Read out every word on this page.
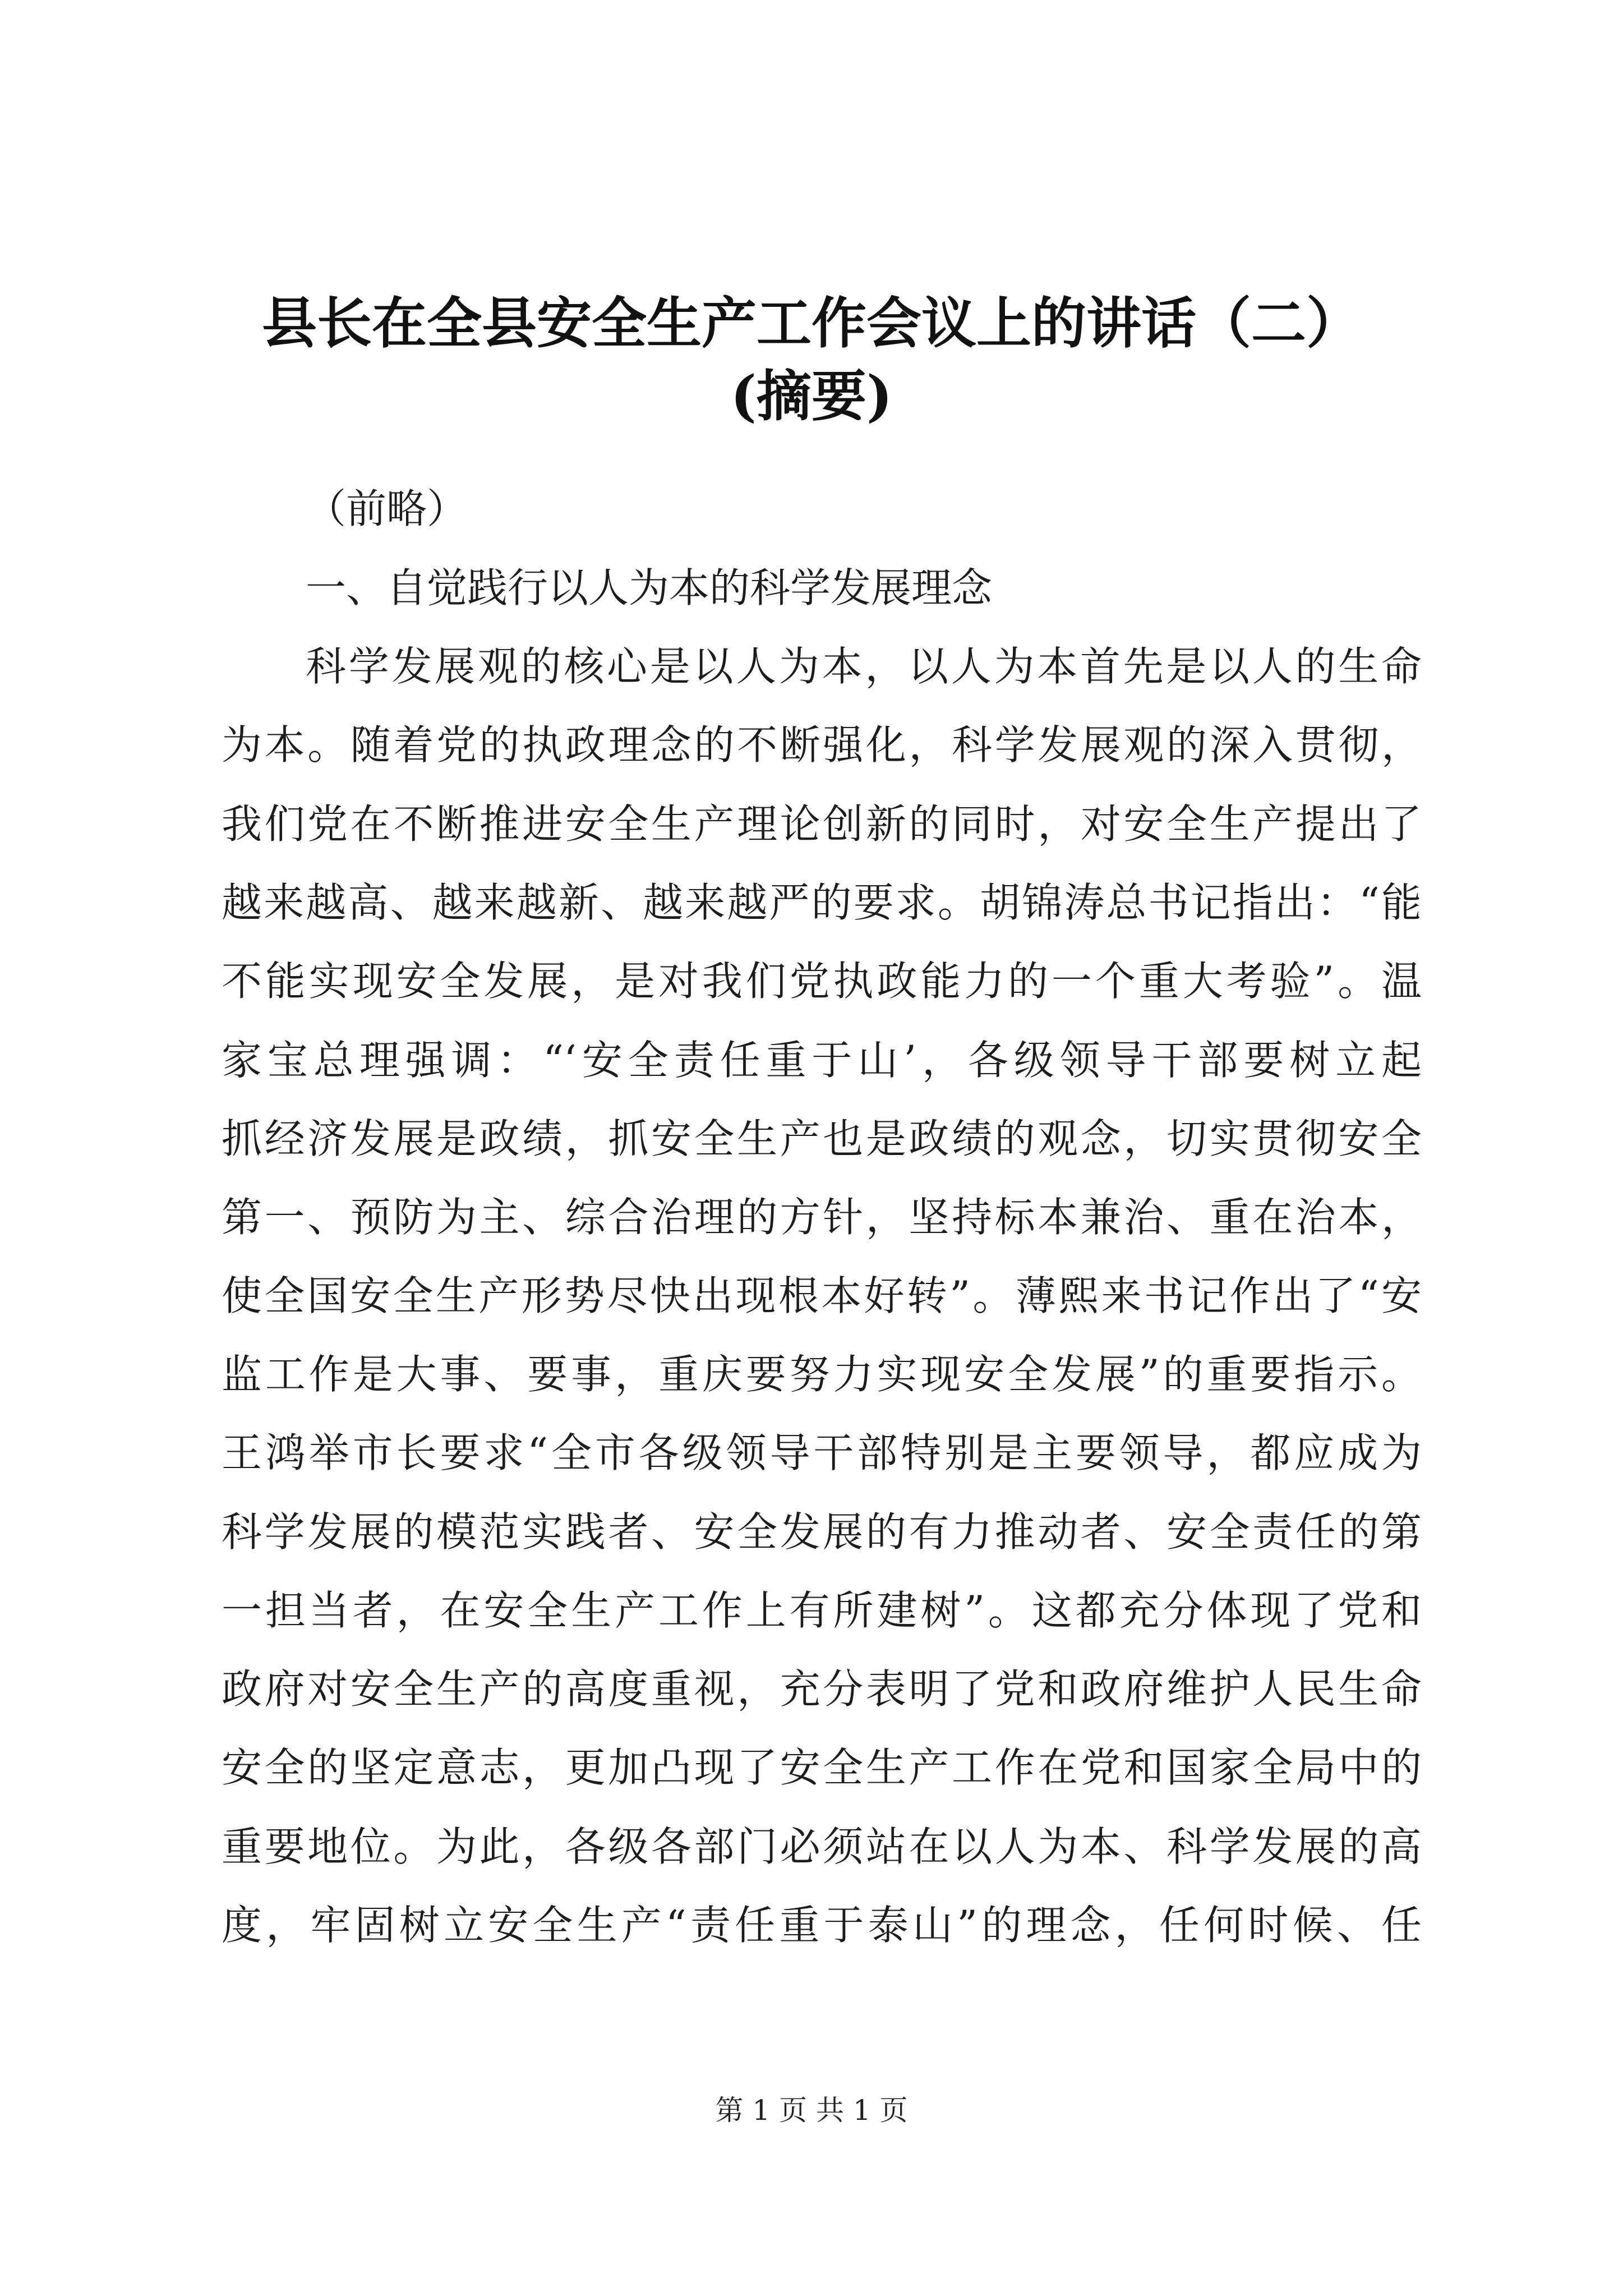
县长在全县安全生产工作会议上的讲话（二）
(摘要)
（前略）
一、自觉践行以人为本的科学发展理念
科学发展观的核心是以人为本，以人为本首先是以人的生命
为本。随着党的执政理念的不断强化，科学发展观的深入贯彻，
我们党在不断推进安全生产理论创新的同时，对安全生产提出了
越来越高、越来越新、越来越严的要求。胡锦涛总书记指出：“能
不能实现安全发展，是对我们党执政能力的一个重大考验”。温
家宝总理强调：“‘安全责任重于山’，各级领导干部要树立起
抓经济发展是政绩，抓安全生产也是政绩的观念，切实贯彻安全
第一、预防为主、综合治理的方针，坚持标本兼治、重在治本，
使全国安全生产形势尽快出现根本好转”。薄熙来书记作出了“安
监工作是大事、要事，重庆要努力实现安全发展”的重要指示。
王鸿举市长要求“全市各级领导干部特别是主要领导，都应成为
科学发展的模范实践者、安全发展的有力推动者、安全责任的第
一担当者，在安全生产工作上有所建树”。这都充分体现了党和
政府对安全生产的高度重视，充分表明了党和政府维护人民生命
安全的坚定意志，更加凸现了安全生产工作在党和国家全局中的
重要地位。为此，各级各部门必须站在以人为本、科学发展的高
度，牢固树立安全生产“责任重于泰山”的理念，任何时候、任
第 1 页 共 1 页
